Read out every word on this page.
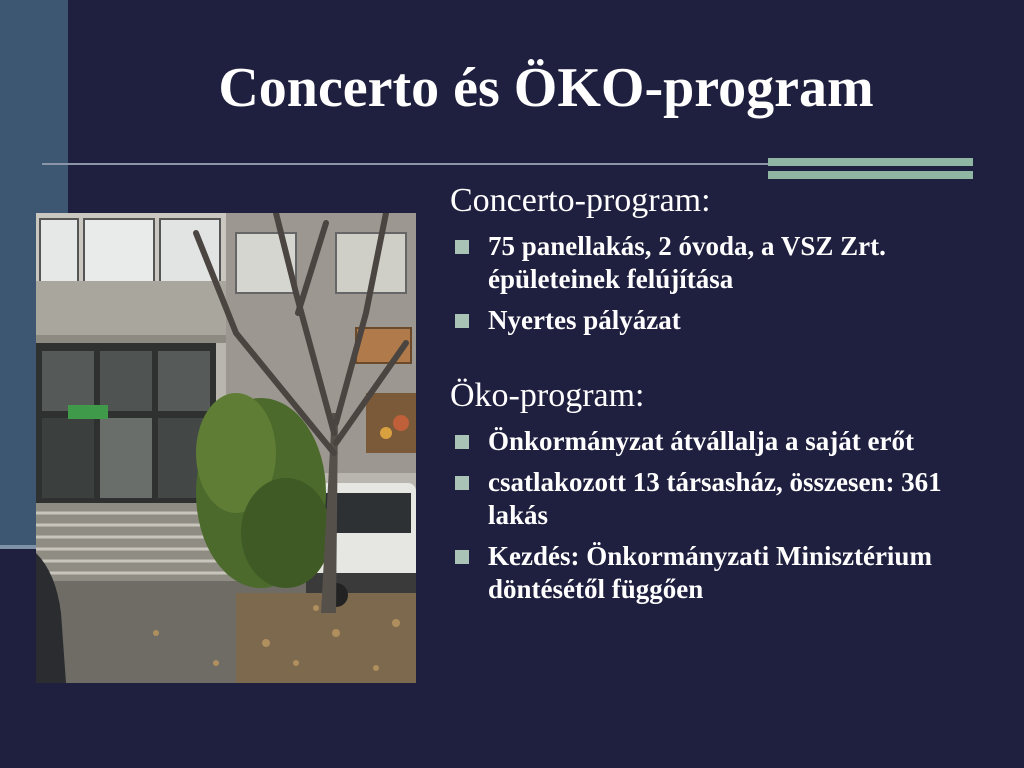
Concerto és ÖKO-program
Concerto-program:
75 panellakás, 2 óvoda, a VSZ Zrt. épületeinek felújítása
Nyertes pályázat
Öko-program:
Önkormányzat átvállalja a saját erőt
csatlakozott 13 társasház, összesen: 361 lakás
Kezdés: Önkormányzati Minisztérium döntésétől függően
